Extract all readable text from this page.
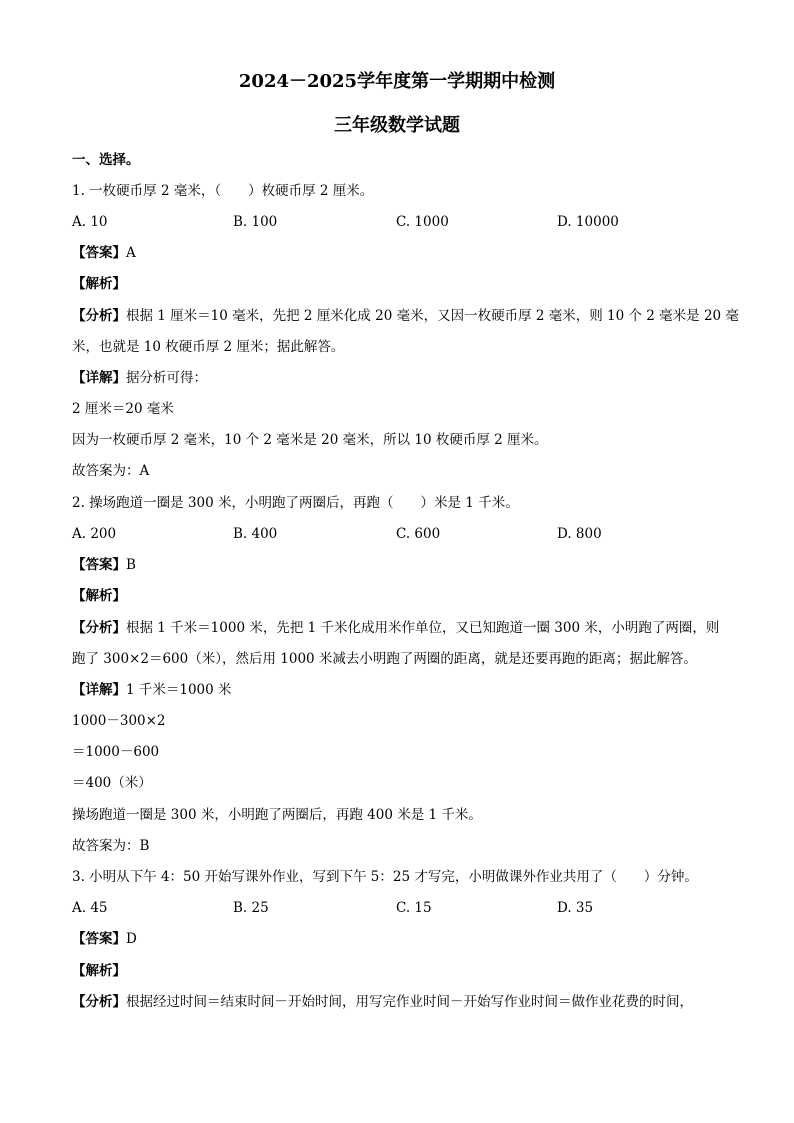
2024－2025学年度第一学期期中检测
三年级数学试题
一、选择。
1. 一枚硬币厚 2 毫米，（　　）枚硬币厚 2 厘米。
A. 10	B. 100	C. 1000	D. 10000
【答案】A
【解析】
【分析】根据 1 厘米＝10 毫米，先把 2 厘米化成 20 毫米，又因一枚硬币厚 2 毫米，则 10 个 2 毫米是 20 毫
米，也就是 10 枚硬币厚 2 厘米；据此解答。
【详解】据分析可得：
2 厘米＝20 毫米
因为一枚硬币厚 2 毫米，10 个 2 毫米是 20 毫米，所以 10 枚硬币厚 2 厘米。
故答案为：A
2. 操场跑道一圈是 300 米，小明跑了两圈后，再跑（　　）米是 1 千米。
A. 200	B. 400	C. 600	D. 800
【答案】B
【解析】
【分析】根据 1 千米＝1000 米，先把 1 千米化成用米作单位，又已知跑道一圈 300 米，小明跑了两圈，则
跑了 300×2＝600（米），然后用 1000 米减去小明跑了两圈的距离，就是还要再跑的距离；据此解答。
【详解】1 千米＝1000 米
1000－300×2
＝1000－600
＝400（米）
操场跑道一圈是 300 米，小明跑了两圈后，再跑 400 米是 1 千米。
故答案为：B
3. 小明从下午 4：50 开始写课外作业，写到下午 5：25 才写完，小明做课外作业共用了（　　）分钟。
A. 45	B. 25	C. 15	D. 35
【答案】D
【解析】
【分析】根据经过时间＝结束时间－开始时间，用写完作业时间－开始写作业时间＝做作业花费的时间，
